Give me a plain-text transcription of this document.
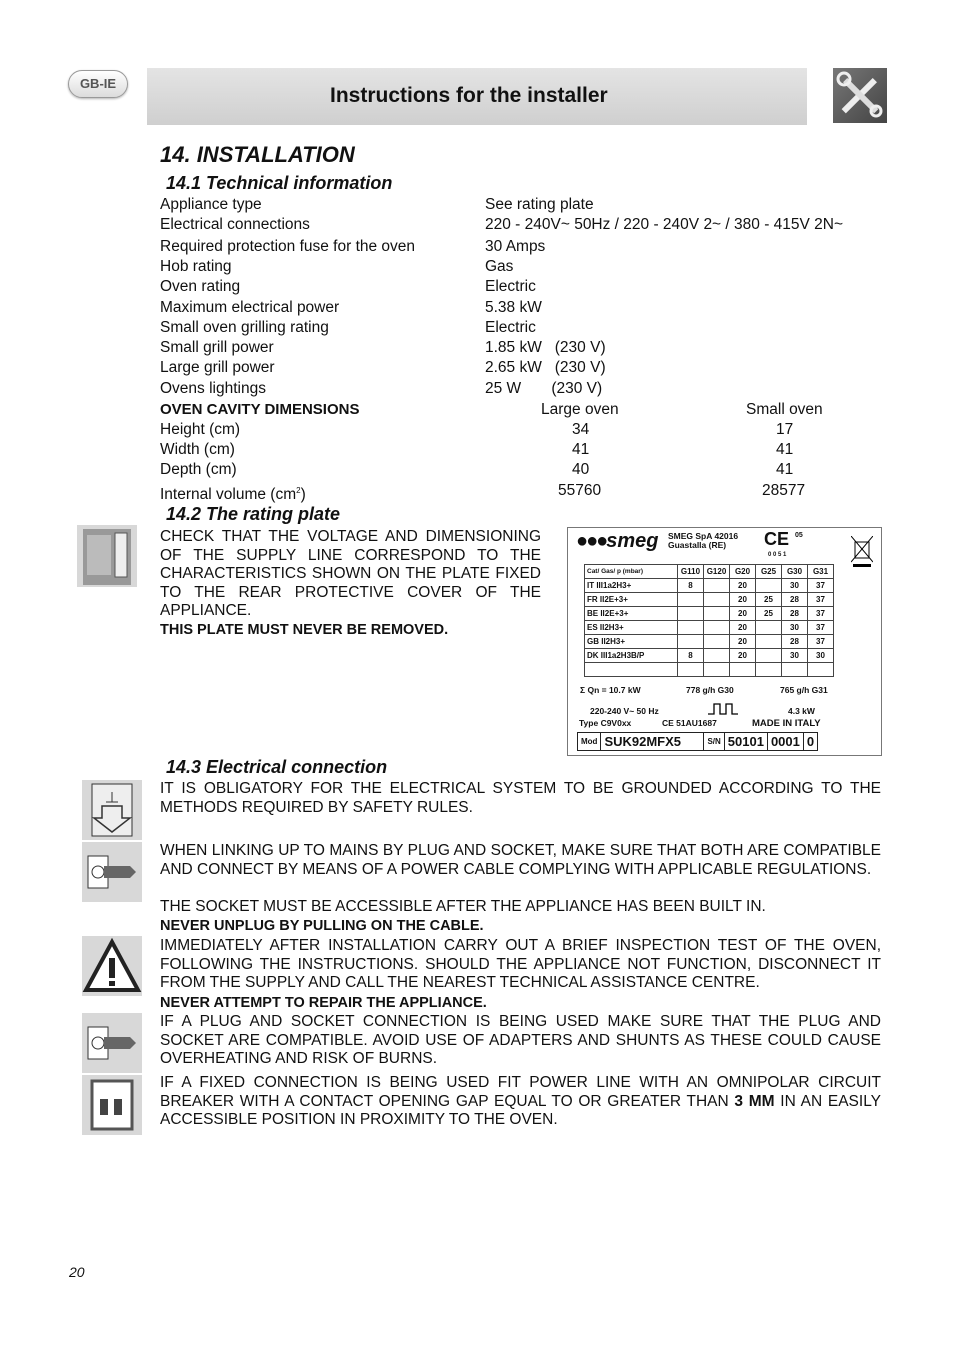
GB-IE
Instructions for the installer
14. INSTALLATION
14.1 Technical information
Appliance type	See rating plate
Electrical connections	220 - 240V~ 50Hz / 220 - 240V 2~ / 380 - 415V 2N~
Required protection fuse for the oven	30 Amps
Hob rating	Gas
Oven rating	Electric
Maximum electrical power	5.38 kW
Small oven grilling rating	Electric
Small grill power	1.85 kW   (230 V)
Large grill power	2.65 kW   (230 V)
Ovens lightings	25 W       (230 V)
OVEN CAVITY DIMENSIONS	Large oven	Small oven
Height (cm)	34	17
Width (cm)	41	41
Depth (cm)	40	41
Internal volume $(cm^2)$	55760	28577
14.2 The rating plate
CHECK THAT THE VOLTAGE AND DIMENSIONING OF THE SUPPLY LINE CORRESPOND TO THE CHARACTERISTICS SHOWN ON THE PLATE FIXED TO THE REAR PROTECTIVE COVER OF THE APPLIANCE.
THIS PLATE MUST NEVER BE REMOVED.
●●●smeg SMEG SpA 42016
Guastalla (RE) CE 05
0 0 5 1
Cat/ Gas/ p (mbar)	G110	G120	G20	G25	G30	G31
IT III1a2H3+	8		20		30	37
FR II2E+3+			20	25	28	37
BE II2E+3+			20	25	28	37
ES II2H3+			20		30	37
GB II2H3+			20		28	37
DK III1a2H3B/P	8		20		30	30

Σ Qn = 10.7 kW	778 g/h G30	765 g/h G31
220-240 V~ 50 Hz	4.3 kW
Type C9V0xx	CE 51AU1687	MADE IN ITALY
Mod SUK92MFX5	S/N 50101 0001 0
14.3 Electrical connection
IT IS OBLIGATORY FOR THE ELECTRICAL SYSTEM TO BE GROUNDED ACCORDING TO THE METHODS REQUIRED BY SAFETY RULES.
WHEN LINKING UP TO MAINS BY PLUG AND SOCKET, MAKE SURE THAT BOTH ARE COMPATIBLE AND CONNECT BY MEANS OF A POWER CABLE COMPLYING WITH APPLICABLE REGULATIONS.
THE SOCKET MUST BE ACCESSIBLE AFTER THE APPLIANCE HAS BEEN BUILT IN.
NEVER UNPLUG BY PULLING ON THE CABLE.
IMMEDIATELY AFTER INSTALLATION CARRY OUT A BRIEF INSPECTION TEST OF THE OVEN, FOLLOWING THE INSTRUCTIONS. SHOULD THE APPLIANCE NOT FUNCTION, DISCONNECT IT FROM THE SUPPLY AND CALL THE NEAREST TECHNICAL ASSISTANCE CENTRE.
NEVER ATTEMPT TO REPAIR THE APPLIANCE.
IF A PLUG AND SOCKET CONNECTION IS BEING USED MAKE SURE THAT THE PLUG AND SOCKET ARE COMPATIBLE. AVOID USE OF ADAPTERS AND SHUNTS AS THESE COULD CAUSE OVERHEATING AND RISK OF BURNS.
IF A FIXED CONNECTION IS BEING USED FIT POWER LINE WITH AN OMNIPOLAR CIRCUIT BREAKER WITH A CONTACT OPENING GAP EQUAL TO OR GREATER THAN 3 MM IN AN EASILY ACCESSIBLE POSITION IN PROXIMITY TO THE OVEN.
20
